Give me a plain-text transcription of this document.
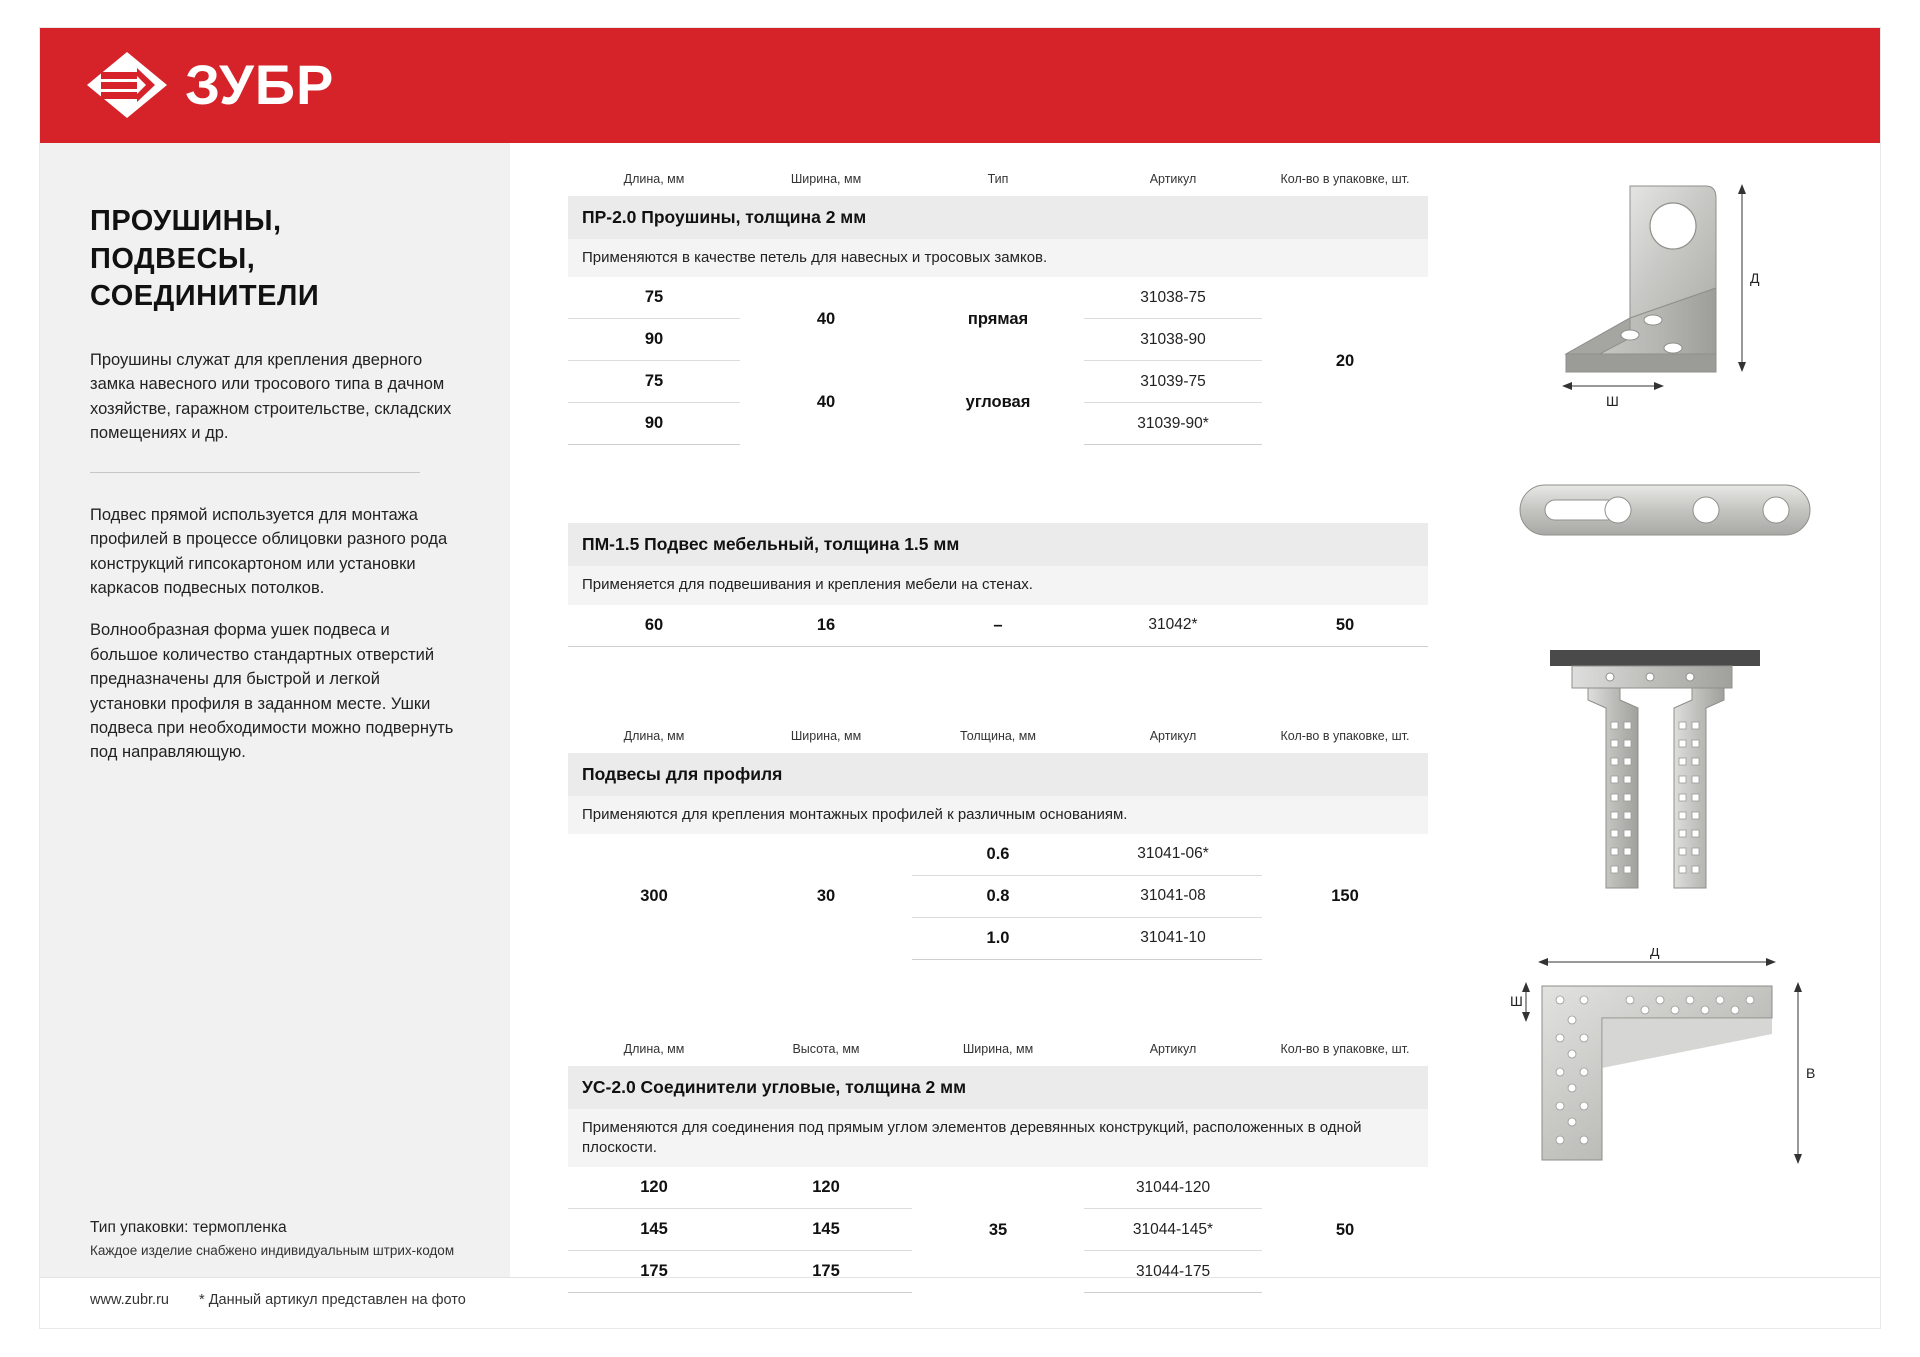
ЗУБР
ПРОУШИНЫ,
ПОДВЕСЫ,
СОЕДИНИТЕЛИ

Проушины служат для крепления дверного замка навесного или тросового типа в дачном хозяйстве, гаражном строительстве, складских помещениях и др.

Подвес прямой используется для монтажа профилей в процессе облицовки разного рода конструкций гипсокартоном или установки каркасов подвесных потолков.

Волнообразная форма ушек подвеса и большое количество стандартных отверстий предназначены для быстрой и легкой установки профиля в заданном месте. Ушки подвеса при необходимости можно подвернуть под направляющую.

Тип упаковки: термопленка
Каждое изделие снабжено индивидуальным штрих-кодом
www.zubr.ru * Данный артикул представлен на фото
Длина, мм	Ширина, мм	Тип	Артикул	Кол-во в упаковке, шт.
ПР-2.0 Проушины, толщина 2 мм				
Применяются в качестве петель для навесных и тросовых замков.				
75	40	прямая	31038-75	20
90			31038-90	
75	40	угловая	31039-75	
90			31039-90*	
ПМ-1.5 Подвес мебельный, толщина 1.5 мм
Применяется для подвешивания и крепления мебели на стенах.
60	16	–	31042*	50
Длина, мм	Ширина, мм	Толщина, мм	Артикул	Кол-во в упаковке, шт.
Подвесы для профиля				
Применяются для крепления монтажных профилей к различным основаниям.				
300	30	0.6	31041-06*	150
		0.8	31041-08	
		1.0	31041-10	
Длина, мм	Высота, мм	Ширина, мм	Артикул	Кол-во в упаковке, шт.
УС-2.0 Соединители угловые, толщина 2 мм				
Применяются для соединения под прямым углом элементов деревянных конструкций, расположенных в одной плоскости.				
120	120	35	31044-120	50
145	145		31044-145*	
175	175		31044-175	
Д
Ш
Д
Ш
В
